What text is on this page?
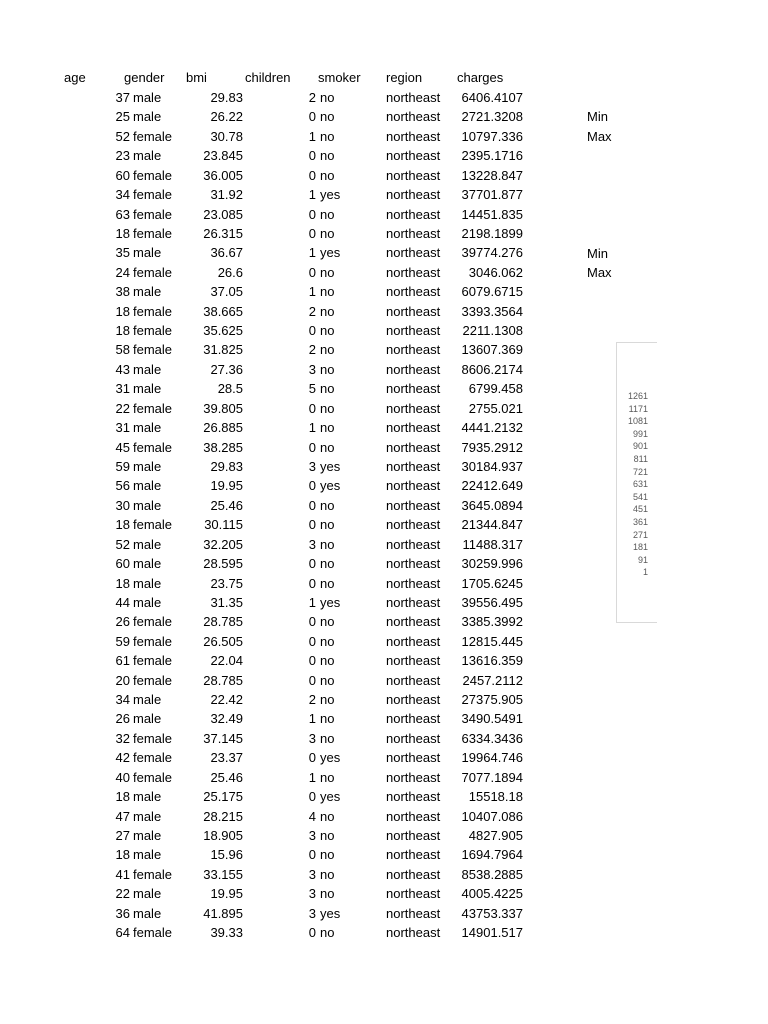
age	gender bmi	children smoker region	charges
37 male	29.83	2 no	northeast	6406.4107
25 male	26.22	0 no	northeast	2721.3208
52 female	30.78	1 no	northeast	10797.336
23 male	23.845	0 no	northeast	2395.1716
60 female	36.005	0 no	northeast	13228.847
34 female	31.92	1 yes	northeast	37701.877
63 female	23.085	0 no	northeast	14451.835
18 female	26.315	0 no	northeast	2198.1899
35 male	36.67	1 yes	northeast	39774.276
24 female	26.6	0 no	northeast	3046.062
38 male	37.05	1 no	northeast	6079.6715
18 female	38.665	2 no	northeast	3393.3564
18 female	35.625	0 no	northeast	2211.1308
58 female	31.825	2 no	northeast	13607.369
43 male	27.36	3 no	northeast	8606.2174
31 male	28.5	5 no	northeast	6799.458
22 female	39.805	0 no	northeast	2755.021
31 male	26.885	1 no	northeast	4441.2132
45 female	38.285	0 no	northeast	7935.2912
59 male	29.83	3 yes	northeast	30184.937
56 male	19.95	0 yes	northeast	22412.649
30 male	25.46	0 no	northeast	3645.0894
18 female	30.115	0 no	northeast	21344.847
52 male	32.205	3 no	northeast	11488.317
60 male	28.595	0 no	northeast	30259.996
18 male	23.75	0 no	northeast	1705.6245
44 male	31.35	1 yes	northeast	39556.495
26 female	28.785	0 no	northeast	3385.3992
59 female	26.505	0 no	northeast	12815.445
61 female	22.04	0 no	northeast	13616.359
20 female	28.785	0 no	northeast	2457.2112
34 male	22.42	2 no	northeast	27375.905
26 male	32.49	1 no	northeast	3490.5491
32 female	37.145	3 no	northeast	6334.3436
42 female	23.37	0 yes	northeast	19964.746
40 female	25.46	1 no	northeast	7077.1894
18 male	25.175	0 yes	northeast	15518.18
47 male	28.215	4 no	northeast	10407.086
27 male	18.905	3 no	northeast	4827.905
18 male	15.96	0 no	northeast	1694.7964
41 female	33.155	3 no	northeast	8538.2885
22 male	19.95	3 no	northeast	4005.4225
36 male	41.895	3 yes	northeast	43753.337
64 female	39.33	0 no	northeast	14901.517
Min
Max
Min
Max
1261
1171
1081
991
901
811
721
631
541
451
361
271
181
91
1
